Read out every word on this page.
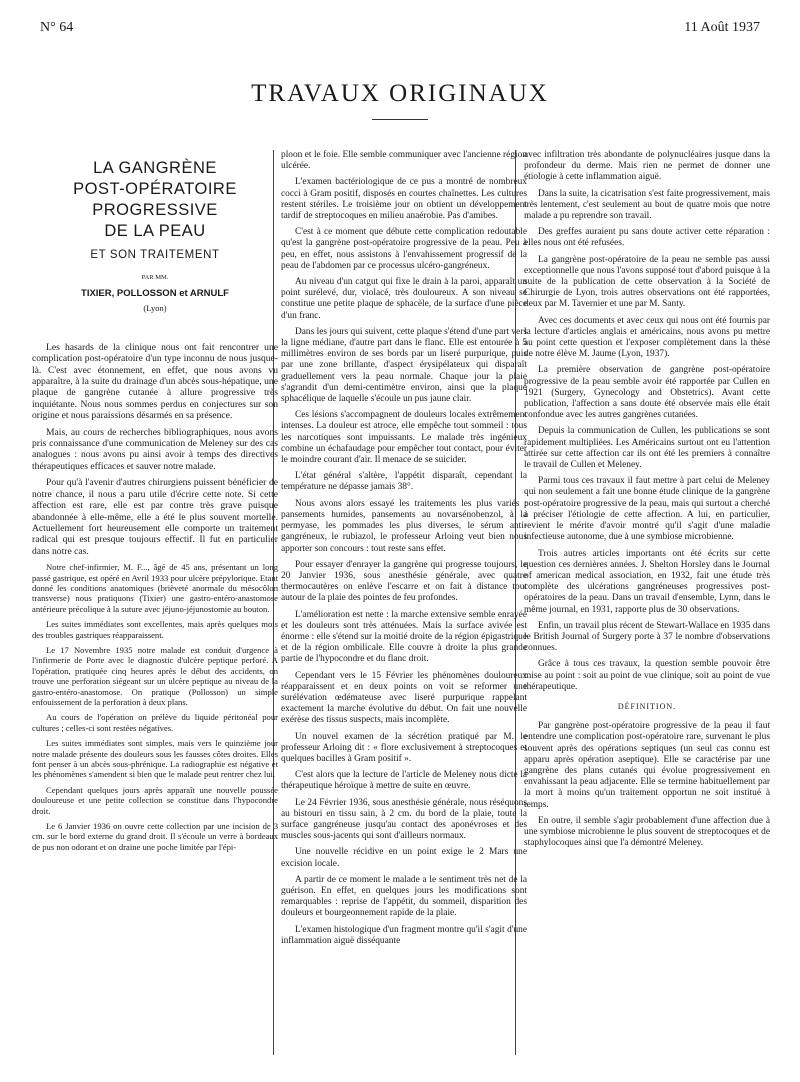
N° 64	11 Août 1937
TRAVAUX ORIGINAUX
LA GANGRÈNE
POST-OPÉRATOIRE
PROGRESSIVE
DE LA PEAU
ET SON TRAITEMENT
PAR MM.
TIXIER, POLLOSSON et ARNULF
(Lyon)

Les hasards de la clinique nous ont fait rencontrer une complication post-opératoire d'un type inconnu de nous jusque-là. C'est avec étonnement, en effet, que nous avons vu apparaître, à la suite du drainage d'un abcès sous-hépatique, une plaque de gangrène cutanée à allure progressive très inquiétante. Nous nous sommes perdus en conjectures sur son origine et nous paraissions désarmés en sa présence.

Mais, au cours de recherches bibliographiques, nous avons pris connaissance d'une communication de Meleney sur des cas analogues : nous avons pu ainsi avoir à temps des directives thérapeutiques efficaces et sauver notre malade.

Pour qu'à l'avenir d'autres chirurgiens puissent bénéficier de notre chance, il nous a paru utile d'écrire cette note. Si cette affection est rare, elle est par contre très grave puisque abandonnée à elle-même, elle a été le plus souvent mortelle. Actuellement fort heureusement elle comporte un traitement radical qui est presque toujours effectif. Il fut en particulier dans notre cas.

Notre chef-infirmier, M. F..., âgé de 45 ans, présentant un long passé gastrique, est opéré en Avril 1933 pour ulcère prépylorique. Etant donné les conditions anatomiques (brièveté anormale du mésocôlon transverse) nous pratiquons (Tixier) une gastro-entéro-anastomose antérieure précolique à la suture avec jéjuno-jéjunostomie au bouton.

Les suites immédiates sont excellentes, mais après quelques mois des troubles gastriques réapparaissent.

Le 17 Novembre 1935 notre malade est conduit d'urgence à l'infirmerie de Porte avec le diagnostic d'ulcère peptique perforé. A l'opération, pratiquée cinq heures après le début des accidents, on trouve une perforation siégeant sur un ulcère peptique au niveau de la gastro-entéro-anastomose. On pratique (Pollosson) un simple enfouissement de la perforation à deux plans.

Au cours de l'opération on prélève du liquide péritonéal pour cultures ; celles-ci sont restées négatives.

Les suites immédiates sont simples, mais vers le quinzième jour notre malade présente des douleurs sous les fausses côtes droites. Elles font penser à un abcès sous-phrénique. La radiographie est négative et les phénomènes s'amendent si bien que le malade peut rentrer chez lui.

Cependant quelques jours après apparaît une nouvelle poussée douloureuse et une petite collection se constitue dans l'hypocondre droit.

Le 6 Janvier 1936 on ouvre cette collection par une incision de 3 cm. sur le bord externe du grand droit. Il s'écoule un verre à bordeaux de pus non odorant et on draine une poche limitée par l'épi-

ploon et le foie. Elle semble communiquer avec l'ancienne région ulcérée.

L'examen bactériologique de ce pus a montré de nombreux cocci à Gram positif, disposés en courtes chaînettes. Les cultures restent stériles. Le troisième jour on obtient un développement tardif de streptocoques en milieu anaérobie. Pas d'amibes.

C'est à ce moment que débute cette complication redoutable qu'est la gangrène post-opératoire progressive de la peau. Peu à peu, en effet, nous assistons à l'envahissement progressif de la peau de l'abdomen par ce processus ulcéro-gangréneux.

Au niveau d'un catgut qui fixe le drain à la paroi, apparaît un point surélevé, dur, violacé, très douloureux. A son niveau se constitue une petite plaque de sphacèle, de la surface d'une pièce d'un franc.

Dans les jours qui suivent, cette plaque s'étend d'une part vers la ligne médiane, d'autre part dans le flanc. Elle est entourée à 5 millimètres environ de ses bords par un liseré purpurique, puis par une zone brillante, d'aspect érysipélateux qui disparaît graduellement vers la peau normale. Chaque jour la plaie s'agrandit d'un demi-centimètre environ, ainsi que la plaque sphacélique de laquelle s'écoule un pus jaune clair.

Ces lésions s'accompagnent de douleurs locales extrêmement intenses. La douleur est atroce, elle empêche tout sommeil : tous les narcotiques sont impuissants. Le malade très ingénieux combine un échafaudage pour empêcher tout contact, pour éviter le moindre courant d'air. Il menace de se suicider.

L'état général s'altère, l'appétit disparaît, cependant la température ne dépasse jamais 38°.

Nous avons alors essayé les traitements les plus variés : pansements humides, pansements au novarsénobenzol, à la permyase, les pommades les plus diverses, le sérum anti-gangréneux, le rubiazol, le professeur Arloing veut bien nous apporter son concours : tout reste sans effet.

Pour essayer d'enrayer la gangrène qui progresse toujours, le 20 Janvier 1936, sous anesthésie générale, avec quatre thermocautères on enlève l'escarre et on fait à distance tout autour de la plaie des pointes de feu profondes.

L'amélioration est nette : la marche extensive semble enrayée et les douleurs sont très atténuées. Mais la surface avivée est énorme : elle s'étend sur la moitié droite de la région épigastrique et de la région ombilicale. Elle couvre à droite la plus grande partie de l'hypocondre et du flanc droit.

Cependant vers le 15 Février les phénomènes douloureux réapparaissent et en deux points on voit se reformer une surélévation œdémateuse avec liseré purpurique rappelant exactement la marche évolutive du début. On fait une nouvelle exérèse des tissus suspects, mais incomplète.

Un nouvel examen de la sécrétion pratiqué par M. le professeur Arloing dit : « flore exclusivement à streptocoques et quelques bacilles à Gram positif ».

C'est alors que la lecture de l'article de Meleney nous dicte la thérapeutique héroïque à mettre de suite en œuvre.

Le 24 Février 1936, sous anesthésie générale, nous réséquons au bistouri en tissu sain, à 2 cm. du bord de la plaie, toute la surface gangréneuse jusqu'au contact des aponévroses et des muscles sous-jacents qui sont d'ailleurs normaux.

Une nouvelle récidive en un point exige le 2 Mars une excision locale.

A partir de ce moment le malade a le sentiment très net de la guérison. En effet, en quelques jours les modifications sont remarquables : reprise de l'appétit, du sommeil, disparition des douleurs et bourgeonnement rapide de la plaie.

L'examen histologique d'un fragment montre qu'il s'agit d'une inflammation aiguë disséquante

avec infiltration très abondante de polynucléaires jusque dans la profondeur du derme. Mais rien ne permet de donner une étiologie à cette inflammation aiguë.

Dans la suite, la cicatrisation s'est faite progressivement, mais très lentement, c'est seulement au bout de quatre mois que notre malade a pu reprendre son travail.

Des greffes auraient pu sans doute activer cette réparation : elles nous ont été refusées.

La gangrène post-opératoire de la peau ne semble pas aussi exceptionnelle que nous l'avons supposé tout d'abord puisque à la suite de la publication de cette observation à la Société de Chirurgie de Lyon, trois autres observations ont été rapportées, deux par M. Tavernier et une par M. Santy.

Avec ces documents et avec ceux qui nous ont été fournis par la lecture d'articles anglais et américains, nous avons pu mettre au point cette question et l'exposer complètement dans la thèse de notre élève M. Jaume (Lyon, 1937).

La première observation de gangrène post-opératoire progressive de la peau semble avoir été rapportée par Cullen en 1921 (Surgery, Gynecology and Obstetrics). Avant cette publication, l'affection a sans doute été observée mais elle était confondue avec les autres gangrènes cutanées.

Depuis la communication de Cullen, les publications se sont rapidement multipliées. Les Américains surtout ont eu l'attention attirée sur cette affection car ils ont été les premiers à connaître le travail de Cullen et Meleney.

Parmi tous ces travaux il faut mettre à part celui de Meleney qui non seulement a fait une bonne étude clinique de la gangrène post-opératoire progressive de la peau, mais qui surtout a cherché à préciser l'étiologie de cette affection. A lui, en particulier, revient le mérite d'avoir montré qu'il s'agit d'une maladie infectieuse autonome, due à une symbiose microbienne.

Trois autres articles importants ont été écrits sur cette question ces dernières années. J. Shelton Horsley dans le Journal of american medical association, en 1932, fait une étude très complète des ulcérations gangréneuses progressives post-opératoires de la peau. Dans un travail d'ensemble, Lynn, dans le même journal, en 1931, rapporte plus de 30 observations.

Enfin, un travail plus récent de Stewart-Wallace en 1935 dans le British Journal of Surgery porte à 37 le nombre d'observations connues.

Grâce à tous ces travaux, la question semble pouvoir être mise au point : soit au point de vue clinique, soit au point de vue thérapeutique.

DÉFINITION.

Par gangrène post-opératoire progressive de la peau il faut entendre une complication post-opératoire rare, survenant le plus souvent après des opérations septiques (un seul cas connu est apparu après opération aseptique). Elle se caractérise par une gangrène des plans cutanés qui évolue progressivement en envahissant la peau adjacente. Elle se termine habituellement par la mort à moins qu'un traitement opportun ne soit institué à temps.

En outre, il semble s'agir probablement d'une affection due à une symbiose microbienne le plus souvent de streptocoques et de staphylocoques ainsi que l'a démontré Meleney.
